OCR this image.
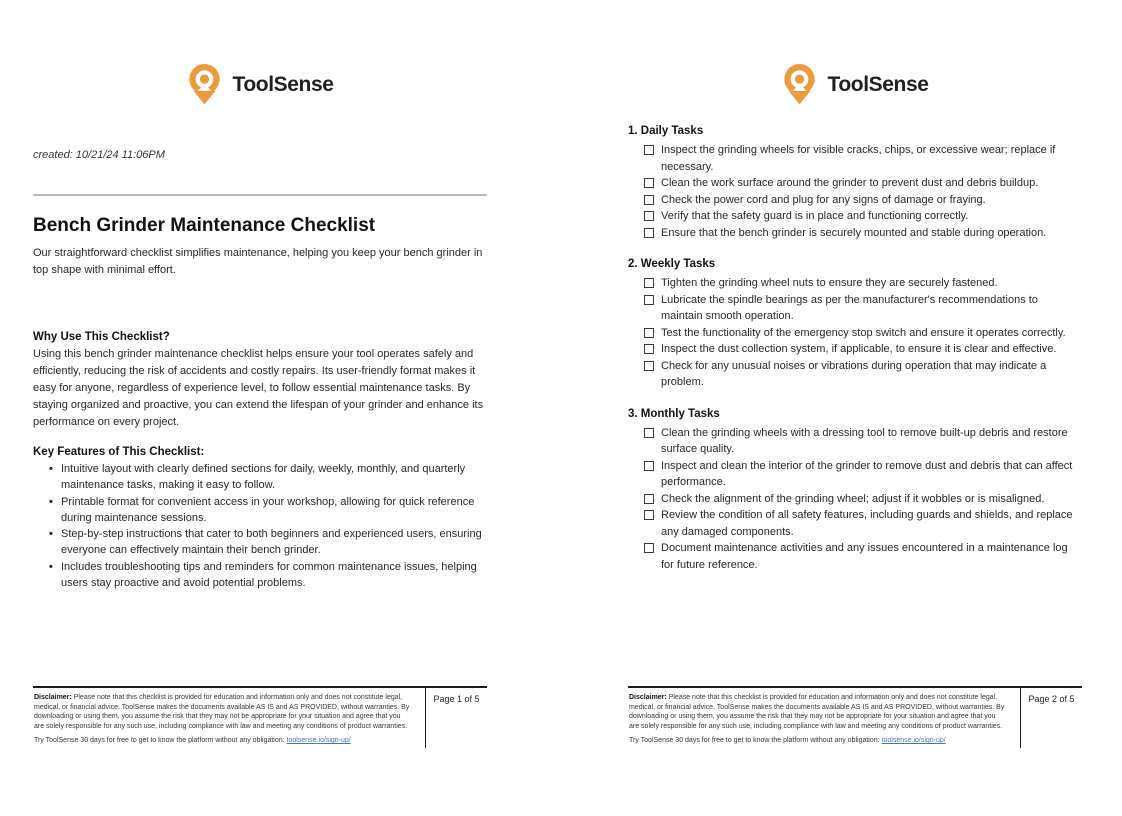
ToolSense
created: 10/21/24 11:06PM
Bench Grinder Maintenance Checklist

Our straightforward checklist simplifies maintenance, helping you keep your bench grinder in top shape with minimal effort.

Why Use This Checklist?

Using this bench grinder maintenance checklist helps ensure your tool operates safely and efficiently, reducing the risk of accidents and costly repairs. Its user-friendly format makes it easy for anyone, regardless of experience level, to follow essential maintenance tasks. By staying organized and proactive, you can extend the lifespan of your grinder and enhance its performance on every project.

Key Features of This Checklist:
Intuitive layout with clearly defined sections for daily, weekly, monthly, and quarterly maintenance tasks, making it easy to follow.
Printable format for convenient access in your workshop, allowing for quick reference during maintenance sessions.
Step-by-step instructions that cater to both beginners and experienced users, ensuring everyone can effectively maintain their bench grinder.
Includes troubleshooting tips and reminders for common maintenance issues, helping users stay proactive and avoid potential problems.

Disclaimer: Please note that this checklist is provided for education and information only and does not constitute legal, medical, or financial advice. ToolSense makes the documents available AS IS and AS PROVIDED, without warranties. By downloading or using them, you assume the risk that they may not be appropriate for your situation and agree that you are solely responsible for any such use, including compliance with law and meeting any conditions of product warranties.

Try ToolSense 30 days for free to get to know the platform without any obligation: toolsense.io/sign-up/

Page 1 of 5
ToolSense
1. Daily Tasks
Inspect the grinding wheels for visible cracks, chips, or excessive wear; replace if necessary.
Clean the work surface around the grinder to prevent dust and debris buildup.
Check the power cord and plug for any signs of damage or fraying.
Verify that the safety guard is in place and functioning correctly.
Ensure that the bench grinder is securely mounted and stable during operation.
2. Weekly Tasks
Tighten the grinding wheel nuts to ensure they are securely fastened.
Lubricate the spindle bearings as per the manufacturer's recommendations to maintain smooth operation.
Test the functionality of the emergency stop switch and ensure it operates correctly.
Inspect the dust collection system, if applicable, to ensure it is clear and effective.
Check for any unusual noises or vibrations during operation that may indicate a problem.
3. Monthly Tasks
Clean the grinding wheels with a dressing tool to remove built-up debris and restore surface quality.
Inspect and clean the interior of the grinder to remove dust and debris that can affect performance.
Check the alignment of the grinding wheel; adjust if it wobbles or is misaligned.
Review the condition of all safety features, including guards and shields, and replace any damaged components.
Document maintenance activities and any issues encountered in a maintenance log for future reference.

Disclaimer: Please note that this checklist is provided for education and information only and does not constitute legal, medical, or financial advice. ToolSense makes the documents available AS IS and AS PROVIDED, without warranties. By downloading or using them, you assume the risk that they may not be appropriate for your situation and agree that you are solely responsible for any such use, including compliance with law and meeting any conditions of product warranties.

Try ToolSense 30 days for free to get to know the platform without any obligation: toolsense.io/sign-up/

Page 2 of 5
